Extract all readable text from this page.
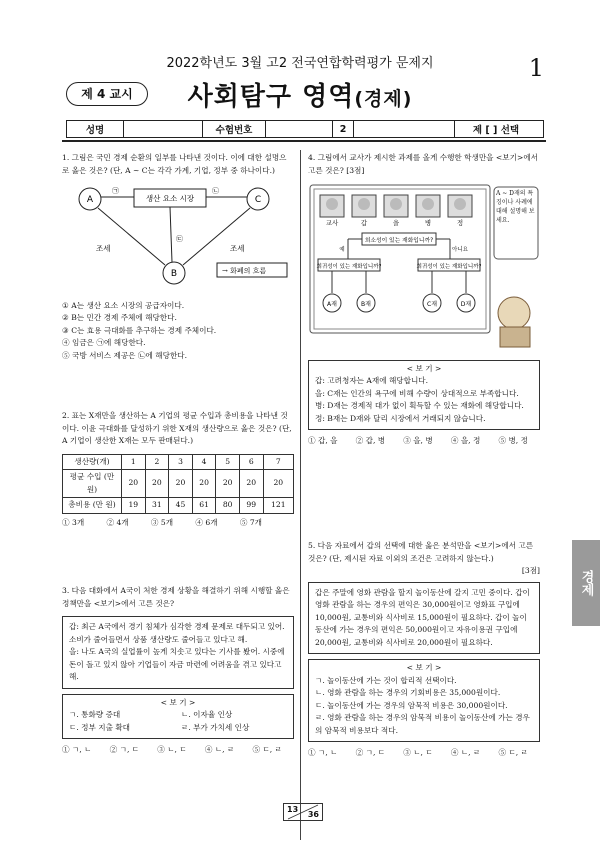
2022학년도 3월 고2 전국연합학력평가 문제지	1
제 4 교시	사회탐구 영역(경제)
성명	수험번호	2	제 [ ] 선택
1. 그림은 국민 경제 순환의 일부를 나타낸 것이다. 이에 대한 설명으로 옳은 것은? (단, A ~ C는 각각 가계, 기업, 정부 중 하나이다.)
A	생산 요소 시장	C
B
㉠	㉡
㉢
조세	조세
→ 화폐의 흐름
① A는 생산 요소 시장의 공급자이다.
② B는 민간 경제 주체에 해당한다.
③ C는 효용 극대화를 추구하는 경제 주체이다.
④ 임금은 ㉠에 해당한다.
⑤ 국방 서비스 제공은 ㉡에 해당한다.
2. 표는 X재만을 생산하는 A 기업의 평균 수입과 총비용을 나타낸 것이다. 이윤 극대화를 달성하기 위한 X재의 생산량으로 옳은 것은? (단, A 기업이 생산한 X재는 모두 판매된다.)
생산량(개)	1	2	3	4	5	6	7
평균 수입 (만 원)	20	20	20	20	20	20	20
총비용 (만 원)	19	31	45	61	80	99	121
① 3개	② 4개	③ 5개	④ 6개	⑤ 7개
3. 다음 대화에서 A국이 처한 경제 상황을 해결하기 위해 시행할 옳은 정책만을 <보기>에서 고른 것은?
갑: 최근 A국에서 경기 침체가 심각한 경제 문제로 대두되고 있어. 소비가 줄어들면서 상품 생산량도 줄어들고 있다고 해.
을: 나도 A국의 실업률이 높게 치솟고 있다는 기사를 봤어. 시중에 돈이 돌고 있지 않아 기업들이 자금 마련에 어려움을 겪고 있다고 해.
< 보 기 >
ㄱ. 통화량 증대	ㄴ. 이자율 인상
ㄷ. 정부 지출 확대	ㄹ. 부가 가치세 인상
① ㄱ, ㄴ ② ㄱ, ㄷ ③ ㄴ, ㄷ ④ ㄴ, ㄹ ⑤ ㄷ, ㄹ
4. 그림에서 교사가 제시한 과제를 올게 수행한 학생만을 <보기>에서 고른 것은? [3점]
교사	갑	을	병	정
희소성이 있는 재화입니까?
예	아니요
희귀성이 있는 재화입니까?	희귀성이 있는 재화입니까?
A재	B재	C재	D재
A ~ D재의 특징이나 사례에 대해 설명해 보세요.
< 보 기 >
갑: 고려청자는 A재에 해당합니다.
을: C재는 인간의 욕구에 비해 수량이 상대적으로 부족합니다.
병: D재는 경제적 대가 없이 획득할 수 있는 재화에 해당합니다.
정: B재는 D재와 달리 시장에서 거래되지 않습니다.
① 갑, 을 ② 갑, 병 ③ 을, 병 ④ 을, 정 ⑤ 병, 정
5. 다음 자료에서 갑의 선택에 대한 옳은 분석만을 <보기>에서 고른 것은? (단, 제시된 자료 이외의 조건은 고려하지 않는다.)
[3점]
갑은 주말에 영화 관람을 할지 놀이동산에 갈지 고민 중이다. 갑이 영화 관람을 하는 경우의 편익은 30,000원이고 영화표 구입에 10,000원, 교통비와 식사비로 15,000원이 필요하다. 갑이 놀이동산에 가는 경우의 편익은 50,000원이고 자유이용권 구입에 20,000원, 교통비와 식사비로 20,000원이 필요하다.
< 보 기 >
ㄱ. 놀이동산에 가는 것이 합리적 선택이다.
ㄴ. 영화 관람을 하는 경우의 기회비용은 35,000원이다.
ㄷ. 놀이동산에 가는 경우의 암묵적 비용은 30,000원이다.
ㄹ. 영화 관람을 하는 경우의 암묵적 비용이 놀이동산에 가는 경우의 암묵적 비용보다 적다.
① ㄱ, ㄴ ② ㄱ, ㄷ ③ ㄴ, ㄷ ④ ㄴ, ㄹ ⑤ ㄷ, ㄹ
경제
13
36
